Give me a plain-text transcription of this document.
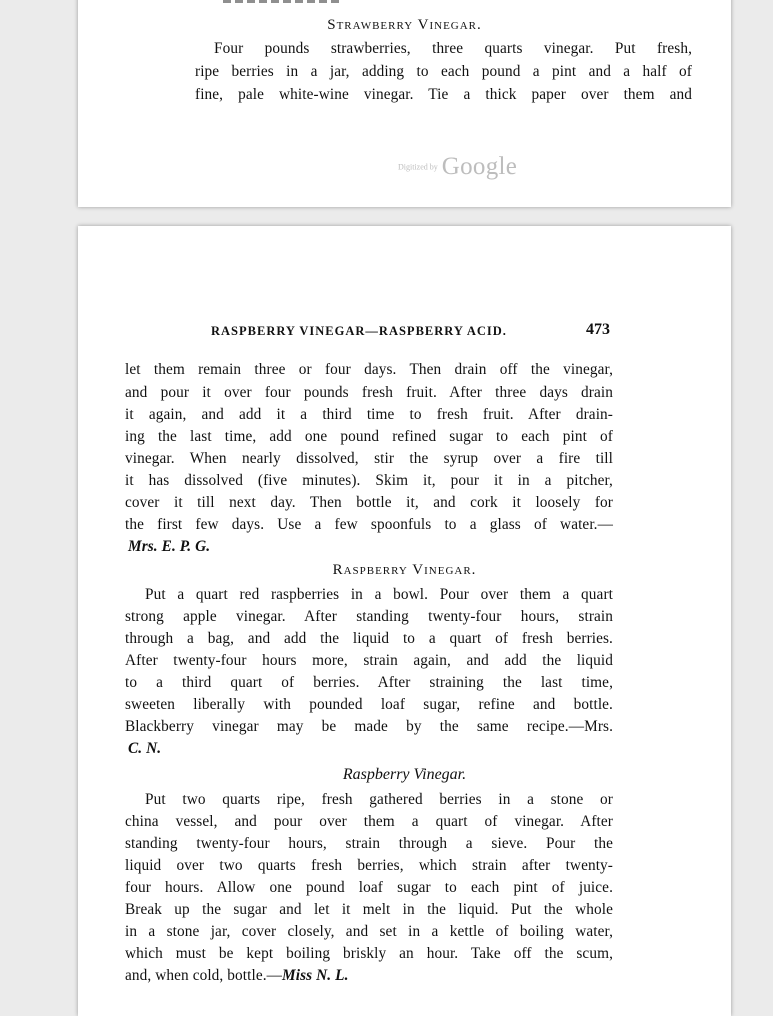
Strawberry Vinegar.
Four pounds strawberries, three quarts vinegar. Put fresh,
ripe berries in a jar, adding to each pound a pint and a half of
fine, pale white-wine vinegar. Tie a thick paper over them and
Digitized by Google
RASPBERRY VINEGAR—RASPBERRY ACID.	473
let them remain three or four days. Then drain off the vinegar,
and pour it over four pounds fresh fruit. After three days drain
it again, and add it a third time to fresh fruit. After drain-
ing the last time, add one pound refined sugar to each pint of
vinegar. When nearly dissolved, stir the syrup over a fire till
it has dissolved (five minutes). Skim it, pour it in a pitcher,
cover it till next day. Then bottle it, and cork it loosely for
the first few days. Use a few spoonfuls to a glass of water.—
Mrs. E. P. G.
Raspberry Vinegar.
Put a quart red raspberries in a bowl. Pour over them a quart
strong apple vinegar. After standing twenty-four hours, strain
through a bag, and add the liquid to a quart of fresh berries.
After twenty-four hours more, strain again, and add the liquid
to a third quart of berries. After straining the last time,
sweeten liberally with pounded loaf sugar, refine and bottle.
Blackberry vinegar may be made by the same recipe.—Mrs.
C. N.
Raspberry Vinegar.
Put two quarts ripe, fresh gathered berries in a stone or
china vessel, and pour over them a quart of vinegar. After
standing twenty-four hours, strain through a sieve. Pour the
liquid over two quarts fresh berries, which strain after twenty-
four hours. Allow one pound loaf sugar to each pint of juice.
Break up the sugar and let it melt in the liquid. Put the whole
in a stone jar, cover closely, and set in a kettle of boiling water,
which must be kept boiling briskly an hour. Take off the scum,
and, when cold, bottle.—Miss N. L.
